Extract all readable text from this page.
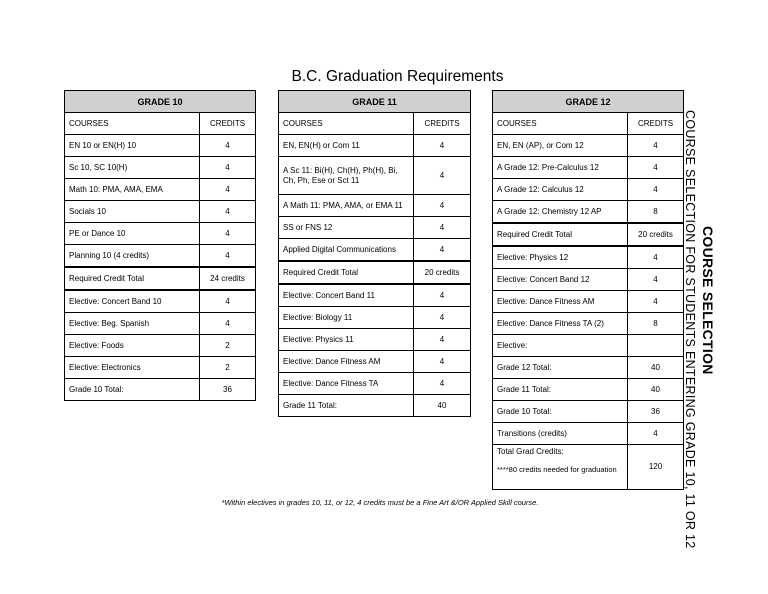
B.C. Graduation Requirements
GRADE 10	
COURSES	CREDITS
EN 10 or EN(H) 10	4
Sc 10, SC 10(H)	4
Math 10: PMA, AMA, EMA	4
Socials 10	4
PE or Dance 10	4
Planning 10 (4 credits)	4
Required Credit Total	24 credits
Elective: Concert Band 10	4
Elective: Beg. Spanish	4
Elective: Foods	2
Elective: Electronics	2
Grade 10 Total:	36
GRADE 11	
COURSES	CREDITS
EN, EN(H) or Com 11	4
A Sc 11: Bi(H), Ch(H), Ph(H), Bi, Ch, Ph, Ese or Sct 11	4
A Math 11: PMA, AMA, or EMA 11	4
SS or FNS 12	4
Applied Digital Communications	4
Required Credit Total	20 credits
Elective: Concert Band 11	4
Elective: Biology 11	4
Elective: Physics 11	4
Elective: Dance Fitness AM	4
Elective: Dance Fitness TA	4
Grade 11 Total:	40
GRADE 12	
COURSES	CREDITS
EN, EN (AP), or Com 12	4
A Grade 12: Pre-Calculus 12	4
A Grade 12: Calculus 12	4
A Grade 12: Chemistry 12 AP	8
Required Credit Total	20 credits
Elective: Physics 12	4
Elective: Concert Band 12	4
Elective: Dance Fitness AM	4
Elective: Dance Fitness TA (2)	8
Elective:	
Grade 12 Total:	40
Grade 11 Total:	40
Grade 10 Total:	36
Transitions (credits)	4

Total Grad Credits:
****80 credits needed for graduation	120
*Within electives in grades 10, 11, or 12, 4 credits must be a Fine Art &/OR Applied Skill course.	COURSE SELECTION FOR STUDENTS ENTERING GRADE 10, 11 OR 12 COURSE SELECTION
